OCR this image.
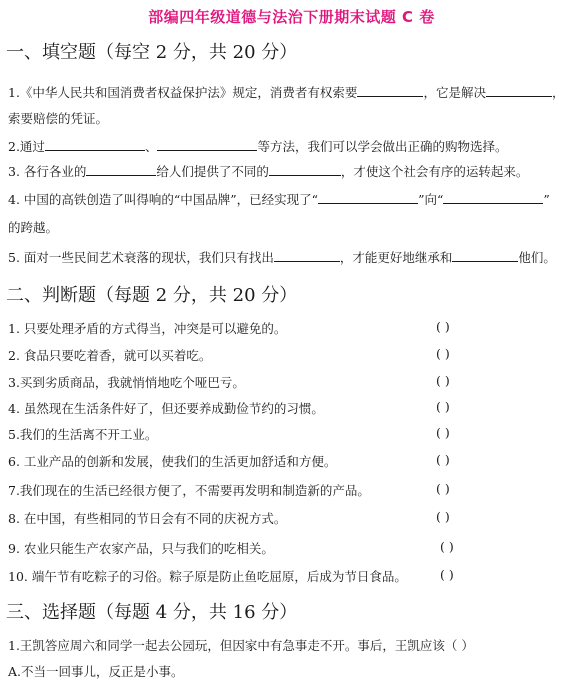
部编四年级道德与法治下册期末试题 C 卷
一、填空题（每空 2 分，共 20 分）
1.《中华人民共和国消费者权益保护法》规定，消费者有权索要	，它是解决	，
索要赔偿的凭证。
2.通过	、	等方法，我们可以学会做出正确的购物选择。
3. 各行各业的	给人们提供了不同的	，才使这个社会有序的运转起来。
4. 中国的高铁创造了叫得响的“中国品牌”，已经实现了“	”向“	”
的跨越。
5. 面对一些民间艺术衰落的现状，我们只有找出	，才能更好地继承和	他们。
二、判断题（每题 2 分，共 20 分）
1. 只要处理矛盾的方式得当，冲突是可以避免的。	( )
2. 食品只要吃着香，就可以买着吃。	( )
3.买到劣质商品，我就悄悄地吃个哑巴亏。	( )
4. 虽然现在生活条件好了，但还要养成勤俭节约的习惯。	( )
5.我们的生活离不开工业。	( )
6. 工业产品的创新和发展，使我们的生活更加舒适和方便。	( )
7.我们现在的生活已经很方便了，不需要再发明和制造新的产品。	( )
8. 在中国，有些相同的节日会有不同的庆祝方式。	( )
9. 农业只能生产农家产品，只与我们的吃相关。	( )
10. 端午节有吃粽子的习俗。粽子原是防止鱼吃屈原，后成为节日食品。	( )
三、选择题（每题 4 分，共 16 分）
1.王凯答应周六和同学一起去公园玩，但因家中有急事走不开。事后，王凯应该（ ）
A.不当一回事儿，反正是小事。
